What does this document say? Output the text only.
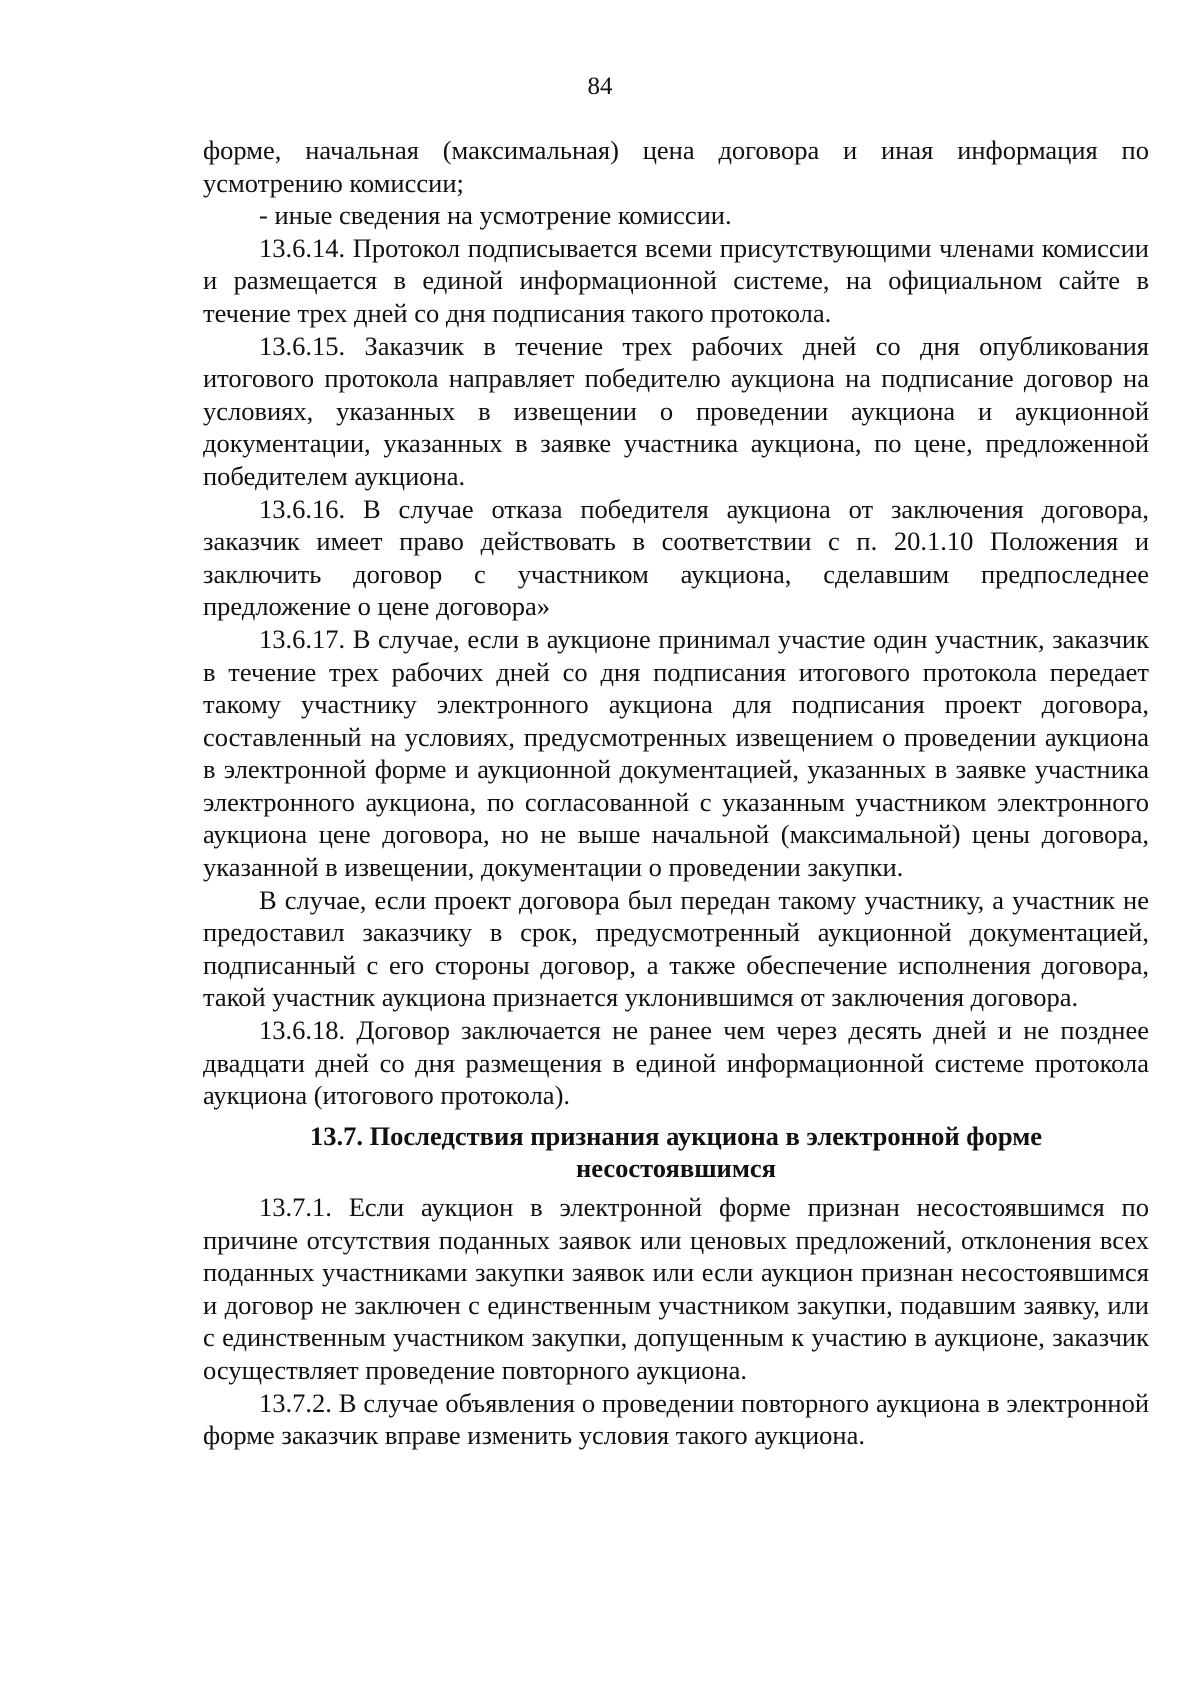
84

форме, начальная (максимальная) цена договора и иная информация по усмотрению комиссии;

- иные сведения на усмотрение комиссии.

13.6.14. Протокол подписывается всеми присутствующими членами комиссии и размещается в единой информационной системе, на официальном сайте в течение трех дней со дня подписания такого протокола.

13.6.15. Заказчик в течение трех рабочих дней со дня опубликования итогового протокола направляет победителю аукциона на подписание договор на условиях, указанных в извещении о проведении аукциона и аукционной документации, указанных в заявке участника аукциона, по цене, предложенной победителем аукциона.

13.6.16. В случае отказа победителя аукциона от заключения договора, заказчик имеет право действовать в соответствии с п. 20.1.10 Положения и заключить договор с участником аукциона, сделавшим предпоследнее предложение о цене договора»

13.6.17. В случае, если в аукционе принимал участие один участник, заказчик в течение трех рабочих дней со дня подписания итогового протокола передает такому участнику электронного аукциона для подписания проект договора, составленный на условиях, предусмотренных извещением о проведении аукциона в электронной форме и аукционной документацией, указанных в заявке участника электронного аукциона, по согласованной с указанным участником электронного аукциона цене договора, но не выше начальной (максимальной) цены договора, указанной в извещении, документации о проведении закупки.

В случае, если проект договора был передан такому участнику, а участник не предоставил заказчику в срок, предусмотренный аукционной документацией, подписанный с его стороны договор, а также обеспечение исполнения договора, такой участник аукциона признается уклонившимся от заключения договора.

13.6.18. Договор заключается не ранее чем через десять дней и не позднее двадцати дней со дня размещения в единой информационной системе протокола аукциона (итогового протокола).

13.7. Последствия признания аукциона в электронной форме несостоявшимся

13.7.1. Если аукцион в электронной форме признан несостоявшимся по причине отсутствия поданных заявок или ценовых предложений, отклонения всех поданных участниками закупки заявок или если аукцион признан несостоявшимся и договор не заключен с единственным участником закупки, подавшим заявку, или с единственным участником закупки, допущенным к участию в аукционе, заказчик осуществляет проведение повторного аукциона.

13.7.2. В случае объявления о проведении повторного аукциона в электронной форме заказчик вправе изменить условия такого аукциона.
